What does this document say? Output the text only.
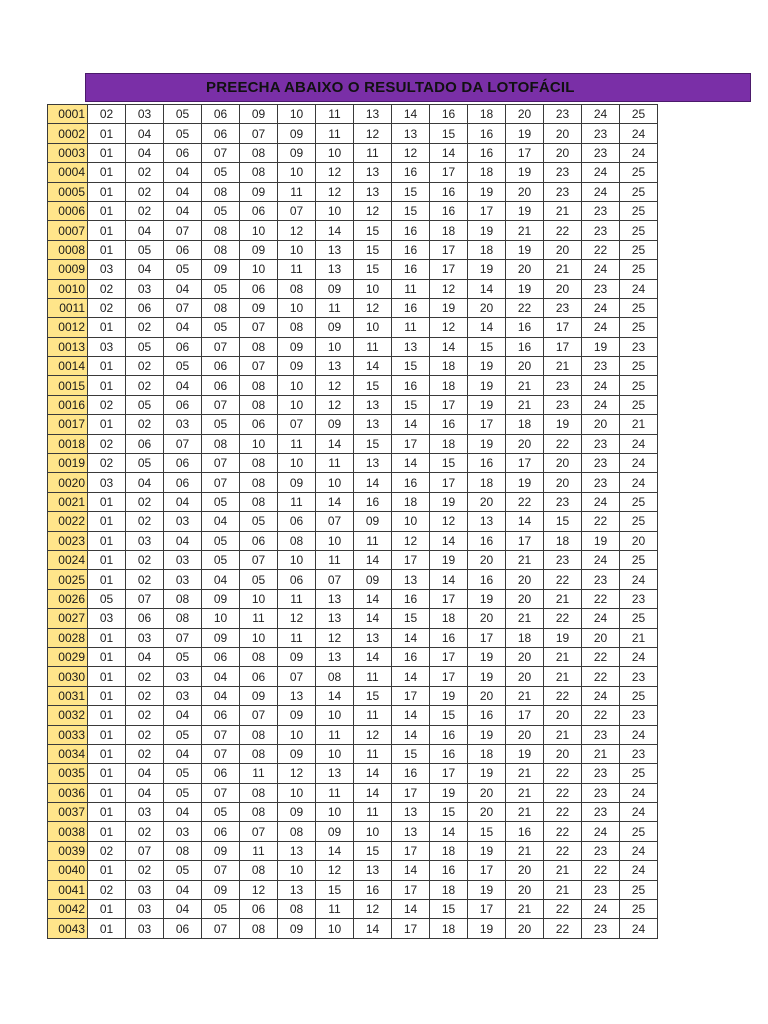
PREECHA ABAIXO O RESULTADO DA LOTOFÁCIL
0001	02	03	05	06	09	10	11	13	14	16	18	20	23	24	25
0002	01	04	05	06	07	09	11	12	13	15	16	19	20	23	24
0003	01	04	06	07	08	09	10	11	12	14	16	17	20	23	24
0004	01	02	04	05	08	10	12	13	16	17	18	19	23	24	25
0005	01	02	04	08	09	11	12	13	15	16	19	20	23	24	25
0006	01	02	04	05	06	07	10	12	15	16	17	19	21	23	25
0007	01	04	07	08	10	12	14	15	16	18	19	21	22	23	25
0008	01	05	06	08	09	10	13	15	16	17	18	19	20	22	25
0009	03	04	05	09	10	11	13	15	16	17	19	20	21	24	25
0010	02	03	04	05	06	08	09	10	11	12	14	19	20	23	24
0011	02	06	07	08	09	10	11	12	16	19	20	22	23	24	25
0012	01	02	04	05	07	08	09	10	11	12	14	16	17	24	25
0013	03	05	06	07	08	09	10	11	13	14	15	16	17	19	23
0014	01	02	05	06	07	09	13	14	15	18	19	20	21	23	25
0015	01	02	04	06	08	10	12	15	16	18	19	21	23	24	25
0016	02	05	06	07	08	10	12	13	15	17	19	21	23	24	25
0017	01	02	03	05	06	07	09	13	14	16	17	18	19	20	21
0018	02	06	07	08	10	11	14	15	17	18	19	20	22	23	24
0019	02	05	06	07	08	10	11	13	14	15	16	17	20	23	24
0020	03	04	06	07	08	09	10	14	16	17	18	19	20	23	24
0021	01	02	04	05	08	11	14	16	18	19	20	22	23	24	25
0022	01	02	03	04	05	06	07	09	10	12	13	14	15	22	25
0023	01	03	04	05	06	08	10	11	12	14	16	17	18	19	20
0024	01	02	03	05	07	10	11	14	17	19	20	21	23	24	25
0025	01	02	03	04	05	06	07	09	13	14	16	20	22	23	24
0026	05	07	08	09	10	11	13	14	16	17	19	20	21	22	23
0027	03	06	08	10	11	12	13	14	15	18	20	21	22	24	25
0028	01	03	07	09	10	11	12	13	14	16	17	18	19	20	21
0029	01	04	05	06	08	09	13	14	16	17	19	20	21	22	24
0030	01	02	03	04	06	07	08	11	14	17	19	20	21	22	23
0031	01	02	03	04	09	13	14	15	17	19	20	21	22	24	25
0032	01	02	04	06	07	09	10	11	14	15	16	17	20	22	23
0033	01	02	05	07	08	10	11	12	14	16	19	20	21	23	24
0034	01	02	04	07	08	09	10	11	15	16	18	19	20	21	23
0035	01	04	05	06	11	12	13	14	16	17	19	21	22	23	25
0036	01	04	05	07	08	10	11	14	17	19	20	21	22	23	24
0037	01	03	04	05	08	09	10	11	13	15	20	21	22	23	24
0038	01	02	03	06	07	08	09	10	13	14	15	16	22	24	25
0039	02	07	08	09	11	13	14	15	17	18	19	21	22	23	24
0040	01	02	05	07	08	10	12	13	14	16	17	20	21	22	24
0041	02	03	04	09	12	13	15	16	17	18	19	20	21	23	25
0042	01	03	04	05	06	08	11	12	14	15	17	21	22	24	25
0043	01	03	06	07	08	09	10	14	17	18	19	20	22	23	24
